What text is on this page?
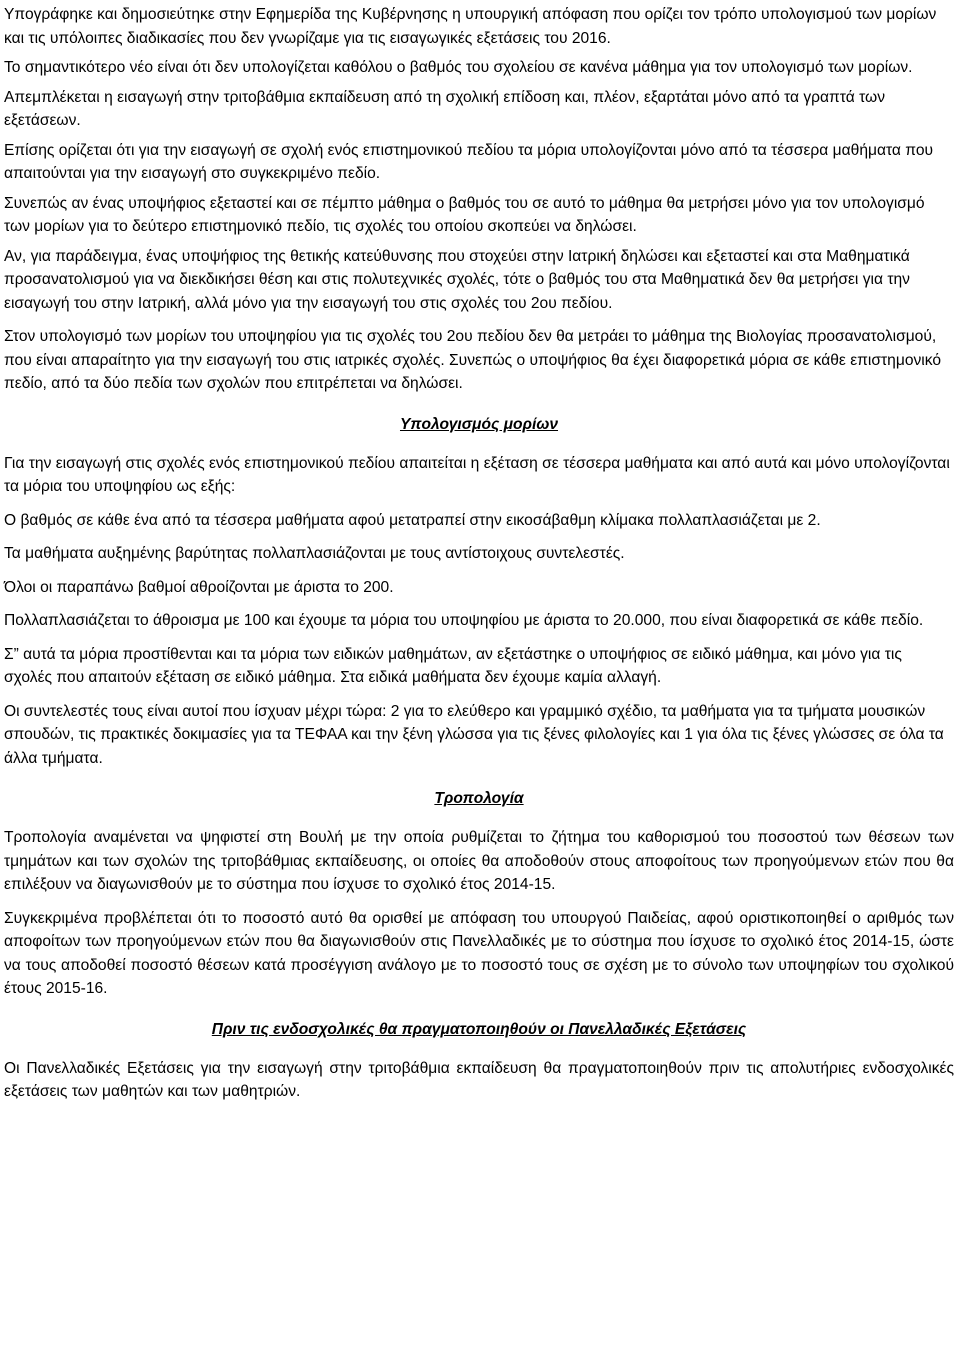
Υπογράφηκε και δημοσιεύτηκε στην Εφημερίδα της Κυβέρνησης η υπουργική απόφαση που ορίζει τον τρόπο υπολογισμού των μορίων και τις υπόλοιπες διαδικασίες που δεν γνωρίζαμε για τις εισαγωγικές εξετάσεις του 2016.

Το σημαντικότερο νέο είναι ότι δεν υπολογίζεται καθόλου ο βαθμός του σχολείου σε κανένα μάθημα για τον υπολογισμό των μορίων.

Απεμπλέκεται η εισαγωγή στην τριτοβάθμια εκπαίδευση από τη σχολική επίδοση και, πλέον, εξαρτάται μόνο από τα γραπτά των εξετάσεων.

Επίσης ορίζεται ότι για την εισαγωγή σε σχολή ενός επιστημονικού πεδίου τα μόρια υπολογίζονται μόνο από τα τέσσερα μαθήματα που απαιτούνται για την εισαγωγή στο συγκεκριμένο πεδίο.

Συνεπώς αν ένας υποψήφιος εξεταστεί και σε πέμπτο μάθημα ο βαθμός του σε αυτό το μάθημα θα μετρήσει μόνο για τον υπολογισμό των μορίων για το δεύτερο επιστημονικό πεδίο, τις σχολές του οποίου σκοπεύει να δηλώσει.

Αν, για παράδειγμα, ένας υποψήφιος της θετικής κατεύθυνσης που στοχεύει στην Ιατρική δηλώσει και εξεταστεί και στα Μαθηματικά προσανατολισμού για να διεκδικήσει θέση και στις πολυτεχνικές σχολές, τότε ο βαθμός του στα Μαθηματικά δεν θα μετρήσει για την εισαγωγή του στην Ιατρική, αλλά μόνο για την εισαγωγή του στις σχολές του 2ου πεδίου.

Στον υπολογισμό των μορίων του υποψηφίου για τις σχολές του 2ου πεδίου δεν θα μετράει το μάθημα της Βιολογίας προσανατολισμού, που είναι απαραίτητο για την εισαγωγή του στις ιατρικές σχολές. Συνεπώς ο υποψήφιος θα έχει διαφορετικά μόρια σε κάθε επιστημονικό πεδίο, από τα δύο πεδία των σχολών που επιτρέπεται να δηλώσει.

Υπολογισμός μορίων

Για την εισαγωγή στις σχολές ενός επιστημονικού πεδίου απαιτείται η εξέταση σε τέσσερα μαθήματα και από αυτά και μόνο υπολογίζονται τα μόρια του υποψηφίου ως εξής:

Ο βαθμός σε κάθε ένα από τα τέσσερα μαθήματα αφού μετατραπεί στην εικοσάβαθμη κλίμακα πολλαπλασιάζεται με 2.

Τα μαθήματα αυξημένης βαρύτητας πολλαπλασιάζονται με τους αντίστοιχους συντελεστές.

Όλοι οι παραπάνω βαθμοί αθροίζονται με άριστα το 200.

Πολλαπλασιάζεται το άθροισμα με 100 και έχουμε τα μόρια του υποψηφίου με άριστα το 20.000, που είναι διαφορετικά σε κάθε πεδίο.

Σ” αυτά τα μόρια προστίθενται και τα μόρια των ειδικών μαθημάτων, αν εξετάστηκε ο υποψήφιος σε ειδικό μάθημα, και μόνο για τις σχολές που απαιτούν εξέταση σε ειδικό μάθημα. Στα ειδικά μαθήματα δεν έχουμε καμία αλλαγή.

Οι συντελεστές τους είναι αυτοί που ίσχυαν μέχρι τώρα: 2 για το ελεύθερο και γραμμικό σχέδιο, τα μαθήματα για τα τμήματα μουσικών σπουδών, τις πρακτικές δοκιμασίες για τα ΤΕΦΑΑ και την ξένη γλώσσα για τις ξένες φιλολογίες και 1 για όλα τις ξένες γλώσσες σε όλα τα άλλα τμήματα.

Τροπολογία

Τροπολογία αναμένεται να ψηφιστεί στη Βουλή με την οποία ρυθμίζεται το ζήτημα του καθορισμού του ποσοστού των θέσεων των τμημάτων και των σχολών της τριτοβάθμιας εκπαίδευσης, οι οποίες θα αποδοθούν στους αποφοίτους των προηγούμενων ετών που θα επιλέξουν να διαγωνισθούν με το σύστημα που ίσχυσε το σχολικό έτος 2014-15.

Συγκεκριμένα προβλέπεται ότι το ποσοστό αυτό θα ορισθεί με απόφαση του υπουργού Παιδείας, αφού οριστικοποιηθεί ο αριθμός των αποφοίτων των προηγούμενων ετών που θα διαγωνισθούν στις Πανελλαδικές με το σύστημα που ίσχυσε το σχολικό έτος 2014-15, ώστε να τους αποδοθεί ποσοστό θέσεων κατά προσέγγιση ανάλογο με το ποσοστό τους σε σχέση με το σύνολο των υποψηφίων του σχολικού έτους 2015-16.

Πριν τις ενδοσχολικές θα πραγματοποιηθούν οι Πανελλαδικές Εξετάσεις

Οι Πανελλαδικές Εξετάσεις για την εισαγωγή στην τριτοβάθμια εκπαίδευση θα πραγματοποιηθούν πριν τις απολυτήριες ενδοσχολικές εξετάσεις των μαθητών και των μαθητριών.
